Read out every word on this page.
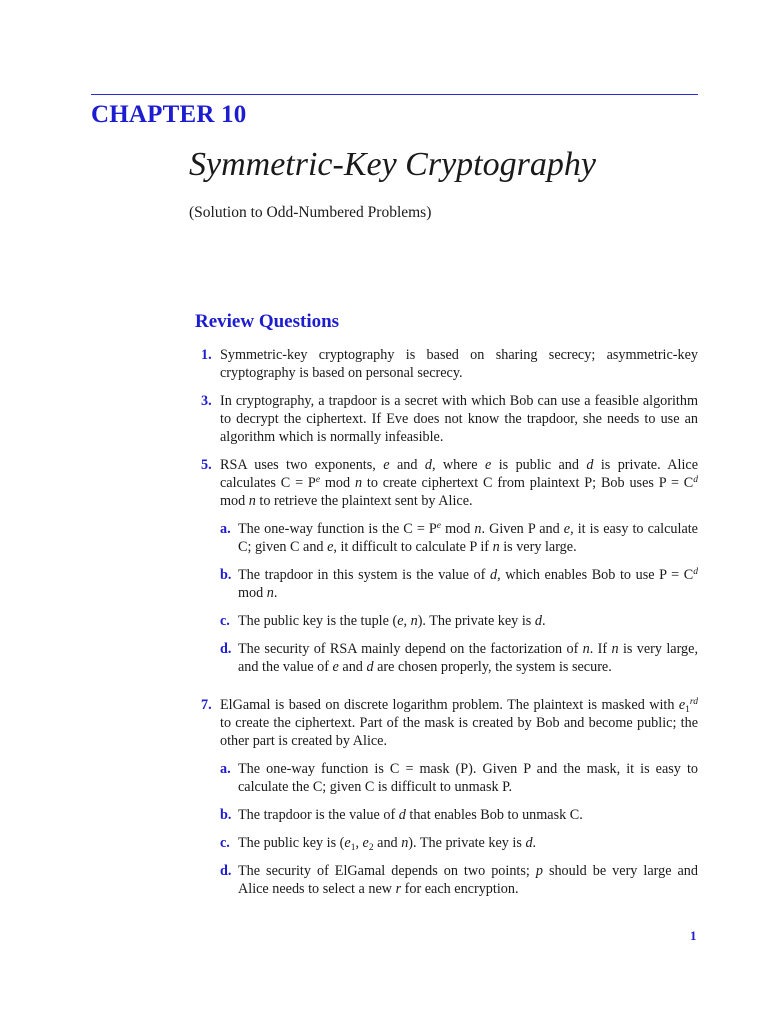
CHAPTER 10
Symmetric-Key Cryptography
(Solution to Odd-Numbered Problems)
Review Questions
1. Symmetric-key cryptography is based on sharing secrecy; asymmetric-key cryptography is based on personal secrecy.
3. In cryptography, a trapdoor is a secret with which Bob can use a feasible algorithm to decrypt the ciphertext. If Eve does not know the trapdoor, she needs to use an algorithm which is normally infeasible.
5. RSA uses two exponents, e and d, where e is public and d is private. Alice calculates $C = P^e$ mod n to create ciphertext C from plaintext P; Bob uses $P = C^d$ mod n to retrieve the plaintext sent by Alice.
a. The one-way function is the $C = P^e$ mod n. Given P and e, it is easy to calculate C; given C and e, it difficult to calculate P if n is very large.
b. The trapdoor in this system is the value of d, which enables Bob to use $P = C^d$ mod n.
c. The public key is the tuple (e, n). The private key is d.
d. The security of RSA mainly depend on the factorization of n. If n is very large, and the value of e and d are chosen properly, the system is secure.
7. ElGamal is based on discrete logarithm problem. The plaintext is masked with $e_1^{rd}$ to create the ciphertext. Part of the mask is created by Bob and become public; the other part is created by Alice.
a. The one-way function is C = mask (P). Given P and the mask, it is easy to calculate the C; given C is difficult to unmask P.
b. The trapdoor is the value of d that enables Bob to unmask C.
c. The public key is ($e_1$, $e_2$ and n). The private key is d.
d. The security of ElGamal depends on two points; p should be very large and Alice needs to select a new r for each encryption.
1
